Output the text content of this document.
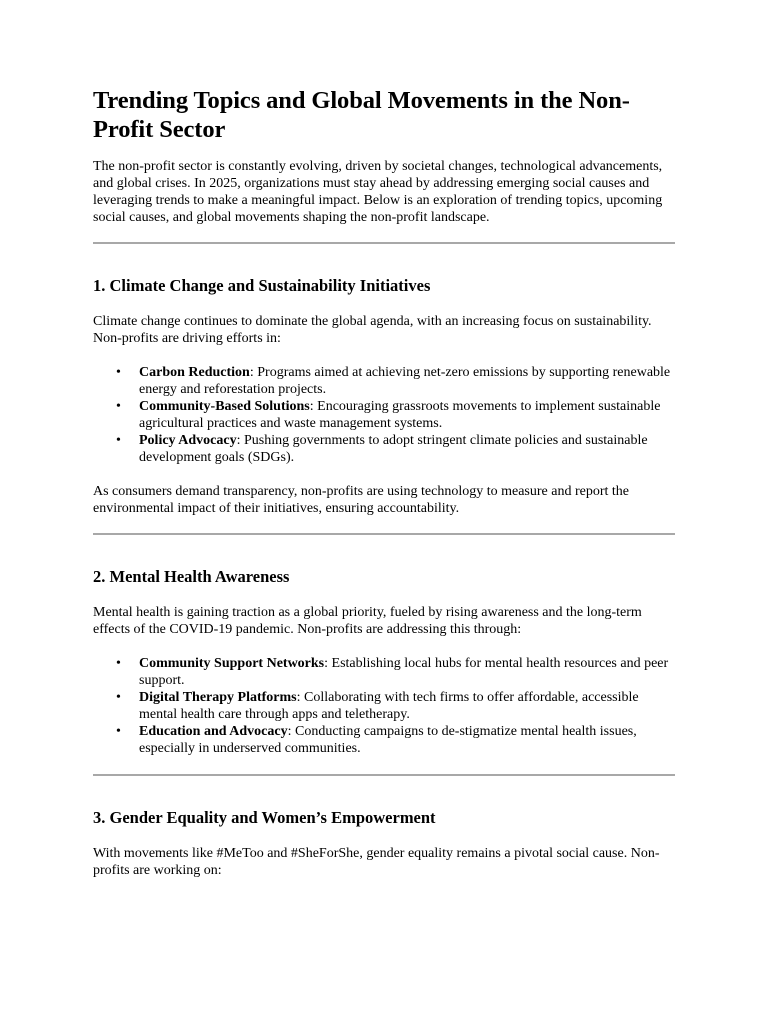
Trending Topics and Global Movements in the Non-Profit Sector

The non-profit sector is constantly evolving, driven by societal changes, technological advancements, and global crises. In 2025, organizations must stay ahead by addressing emerging social causes and leveraging trends to make a meaningful impact. Below is an exploration of trending topics, upcoming social causes, and global movements shaping the non-profit landscape.

1. Climate Change and Sustainability Initiatives

Climate change continues to dominate the global agenda, with an increasing focus on sustainability. Non-profits are driving efforts in:

• Carbon Reduction: Programs aimed at achieving net-zero emissions by supporting renewable energy and reforestation projects.
• Community-Based Solutions: Encouraging grassroots movements to implement sustainable agricultural practices and waste management systems.
• Policy Advocacy: Pushing governments to adopt stringent climate policies and sustainable development goals (SDGs).

As consumers demand transparency, non-profits are using technology to measure and report the environmental impact of their initiatives, ensuring accountability.

2. Mental Health Awareness

Mental health is gaining traction as a global priority, fueled by rising awareness and the long-term effects of the COVID-19 pandemic. Non-profits are addressing this through:

• Community Support Networks: Establishing local hubs for mental health resources and peer support.
• Digital Therapy Platforms: Collaborating with tech firms to offer affordable, accessible mental health care through apps and teletherapy.
• Education and Advocacy: Conducting campaigns to de-stigmatize mental health issues, especially in underserved communities.
3. Gender Equality and Women’s Empowerment

With movements like #MeToo and #SheForShe, gender equality remains a pivotal social cause. Non-profits are working on:
